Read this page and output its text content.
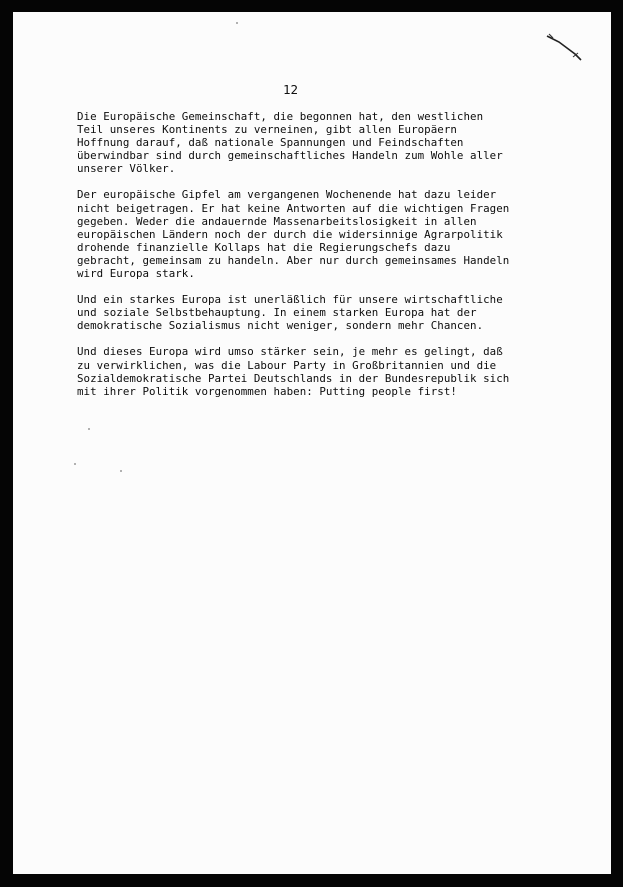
12

Die Europäische Gemeinschaft, die begonnen hat, den westlichen
Teil unseres Kontinents zu verneinen, gibt allen Europäern
Hoffnung darauf, daß nationale Spannungen und Feindschaften
überwindbar sind durch gemeinschaftliches Handeln zum Wohle aller
unserer Völker.

Der europäische Gipfel am vergangenen Wochenende hat dazu leider
nicht beigetragen. Er hat keine Antworten auf die wichtigen Fragen
gegeben. Weder die andauernde Massenarbeitslosigkeit in allen
europäischen Ländern noch der durch die widersinnige Agrarpolitik
drohende finanzielle Kollaps hat die Regierungschefs dazu
gebracht, gemeinsam zu handeln. Aber nur durch gemeinsames Handeln
wird Europa stark.

Und ein starkes Europa ist unerläßlich für unsere wirtschaftliche
und soziale Selbstbehauptung. In einem starken Europa hat der
demokratische Sozialismus nicht weniger, sondern mehr Chancen.

Und dieses Europa wird umso stärker sein, je mehr es gelingt, daß
zu verwirklichen, was die Labour Party in Großbritannien und die
Sozialdemokratische Partei Deutschlands in der Bundesrepublik sich
mit ihrer Politik vorgenommen haben: Putting people first!
